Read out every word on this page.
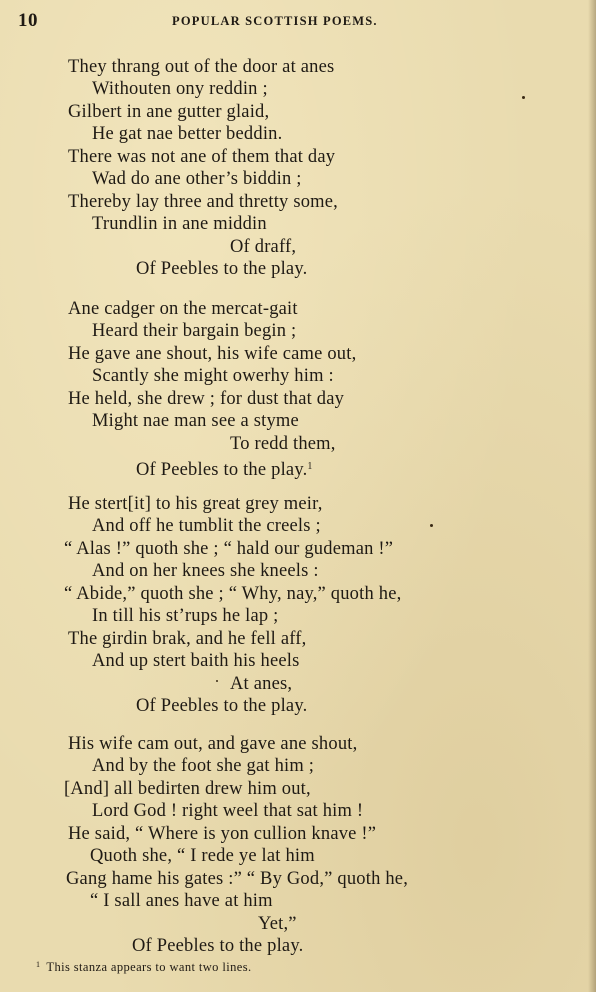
10	POPULAR SCOTTISH POEMS.
They thrang out of the door at anes
Withouten ony reddin ;
Gilbert in ane gutter glaid,
He gat nae better beddin.
There was not ane of them that day
Wad do ane other’s biddin ;
Thereby lay three and thretty some,
Trundlin in ane middin
Of draff,
Of Peebles to the play.
Ane cadger on the mercat-gait
Heard their bargain begin ;
He gave ane shout, his wife came out,
Scantly she might owerhy him :
He held, she drew ; for dust that day
Might nae man see a styme
To redd them,
Of Peebles to the play.$^1$
He stert[it] to his great grey meir,
And off he tumblit the creels ;
“ Alas !” quoth she ; “ hald our gudeman !”
And on her knees she kneels :
“ Abide,” quoth she ; “ Why, nay,” quoth he,
In till his st’rups he lap ;
The girdin brak, and he fell aff,
And up stert baith his heels
At anes,
Of Peebles to the play.
His wife cam out, and gave ane shout,
And by the foot she gat him ;
[And] all bedirten drew him out,
Lord God ! right weel that sat him !
He said, “ Where is yon cullion knave !”
Quoth she, “ I rede ye lat him
Gang hame his gates :” “ By God,” quoth he,
“ I sall anes have at him
Yet,”
Of Peebles to the play.
$^1$ This stanza appears to want two lines.
